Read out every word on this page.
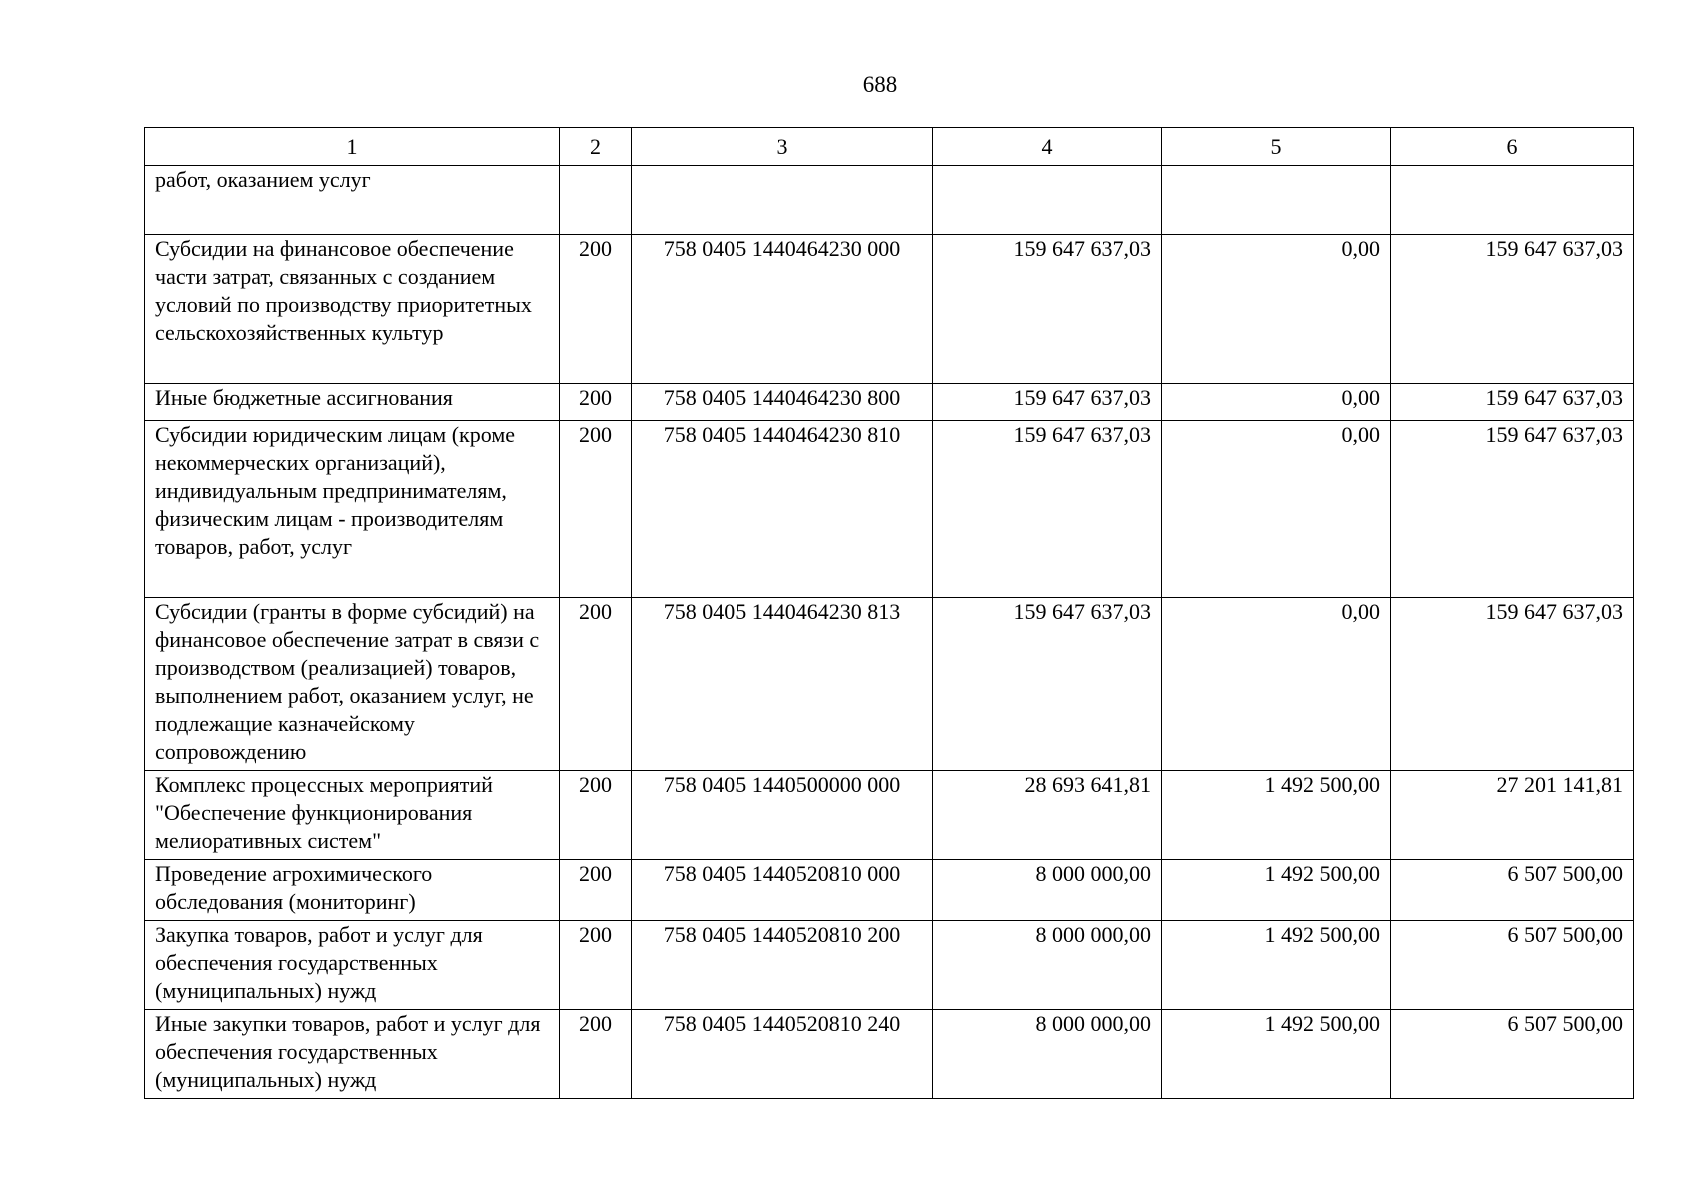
688
1	2	3	4	5	6
работ, оказанием услуг					
Субсидии на финансовое обеспечение части затрат, связанных с созданием условий по производству приоритетных сельскохозяйственных культур	200	758 0405 1440464230 000	159 647 637,03	0,00	159 647 637,03
Иные бюджетные ассигнования	200	758 0405 1440464230 800	159 647 637,03	0,00	159 647 637,03
Субсидии юридическим лицам (кроме некоммерческих организаций), индивидуальным предпринимателям, физическим лицам - производителям товаров, работ, услуг	200	758 0405 1440464230 810	159 647 637,03	0,00	159 647 637,03
Субсидии (гранты в форме субсидий) на финансовое обеспечение затрат в связи с производством (реализацией) товаров, выполнением работ, оказанием услуг, не подлежащие казначейскому сопровождению	200	758 0405 1440464230 813	159 647 637,03	0,00	159 647 637,03
Комплекс процессных мероприятий "Обеспечение функционирования мелиоративных систем"	200	758 0405 1440500000 000	28 693 641,81	1 492 500,00	27 201 141,81
Проведение агрохимического обследования (мониторинг)	200	758 0405 1440520810 000	8 000 000,00	1 492 500,00	6 507 500,00
Закупка товаров, работ и услуг для обеспечения государственных (муниципальных) нужд	200	758 0405 1440520810 200	8 000 000,00	1 492 500,00	6 507 500,00
Иные закупки товаров, работ и услуг для обеспечения государственных (муниципальных) нужд	200	758 0405 1440520810 240	8 000 000,00	1 492 500,00	6 507 500,00
